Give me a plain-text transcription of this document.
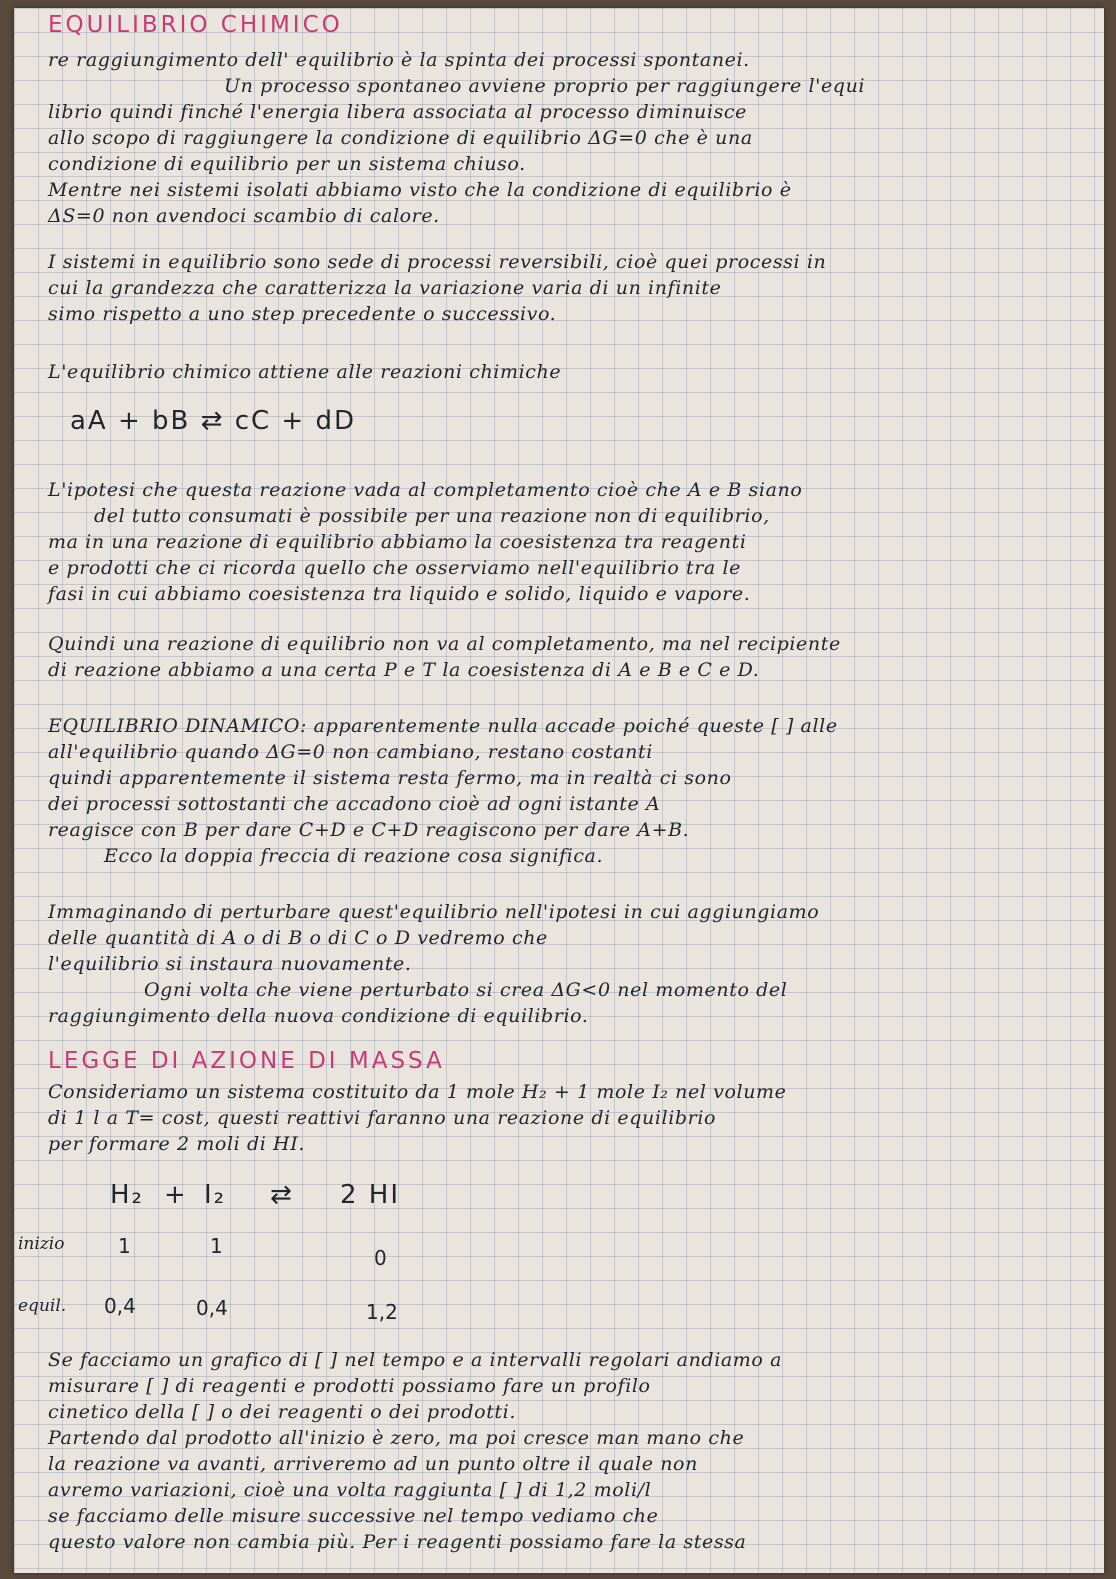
EQUILIBRIO CHIMICO
re raggiungimento dell' equilibrio è la spinta dei processi spontanei.
Un processo spontaneo avviene proprio per raggiungere l'equi
librio quindi finché l'energia libera associata al processo diminuisce
allo scopo di raggiungere la condizione di equilibrio ΔG=0 che è una
condizione di equilibrio per un sistema chiuso.
Mentre nei sistemi isolati abbiamo visto che la condizione di equilibrio è
ΔS=0 non avendoci scambio di calore.
I sistemi in equilibrio sono sede di processi reversibili, cioè quei processi in
cui la grandezza che caratterizza la variazione varia di un infinite
simo rispetto a uno step precedente o successivo.
L'equilibrio chimico attiene alle reazioni chimiche
aA + bB ⇄ cC + dD
L'ipotesi che questa reazione vada al completamento cioè che A e B siano
del tutto consumati è possibile per una reazione non di equilibrio,
ma in una reazione di equilibrio abbiamo la coesistenza tra reagenti
e prodotti che ci ricorda quello che osserviamo nell'equilibrio tra le
fasi in cui abbiamo coesistenza tra liquido e solido, liquido e vapore.
Quindi una reazione di equilibrio non va al completamento, ma nel recipiente
di reazione abbiamo a una certa P e T la coesistenza di A e B e C e D.
EQUILIBRIO DINAMICO: apparentemente nulla accade poiché queste [ ] alle
all'equilibrio quando ΔG=0 non cambiano, restano costanti
quindi apparentemente il sistema resta fermo, ma in realtà ci sono
dei processi sottostanti che accadono cioè ad ogni istante A
reagisce con B per dare C+D e C+D reagiscono per dare A+B.
Ecco la doppia freccia di reazione cosa significa.
Immaginando di perturbare quest'equilibrio nell'ipotesi in cui aggiungiamo
delle quantità di A o di B o di C o D vedremo che
l'equilibrio si instaura nuovamente.
Ogni volta che viene perturbato si crea ΔG<0 nel momento del
raggiungimento della nuova condizione di equilibrio.
LEGGE DI AZIONE DI MASSA
Consideriamo un sistema costituito da 1 mole H₂ + 1 mole I₂ nel volume
di 1 l a T= cost, questi reattivi faranno una reazione di equilibrio
per formare 2 moli di HI.
H₂ + I₂ ⇄ 2 HI
inizio	1	1	0
equil. 0,4	0,4	1,2
Se facciamo un grafico di [ ] nel tempo e a intervalli regolari andiamo a
misurare [ ] di reagenti e prodotti possiamo fare un profilo
cinetico della [ ] o dei reagenti o dei prodotti.
Partendo dal prodotto all'inizio è zero, ma poi cresce man mano che
la reazione va avanti, arriveremo ad un punto oltre il quale non
avremo variazioni, cioè una volta raggiunta [ ] di 1,2 moli/l
se facciamo delle misure successive nel tempo vediamo che
questo valore non cambia più. Per i reagenti possiamo fare la stessa
